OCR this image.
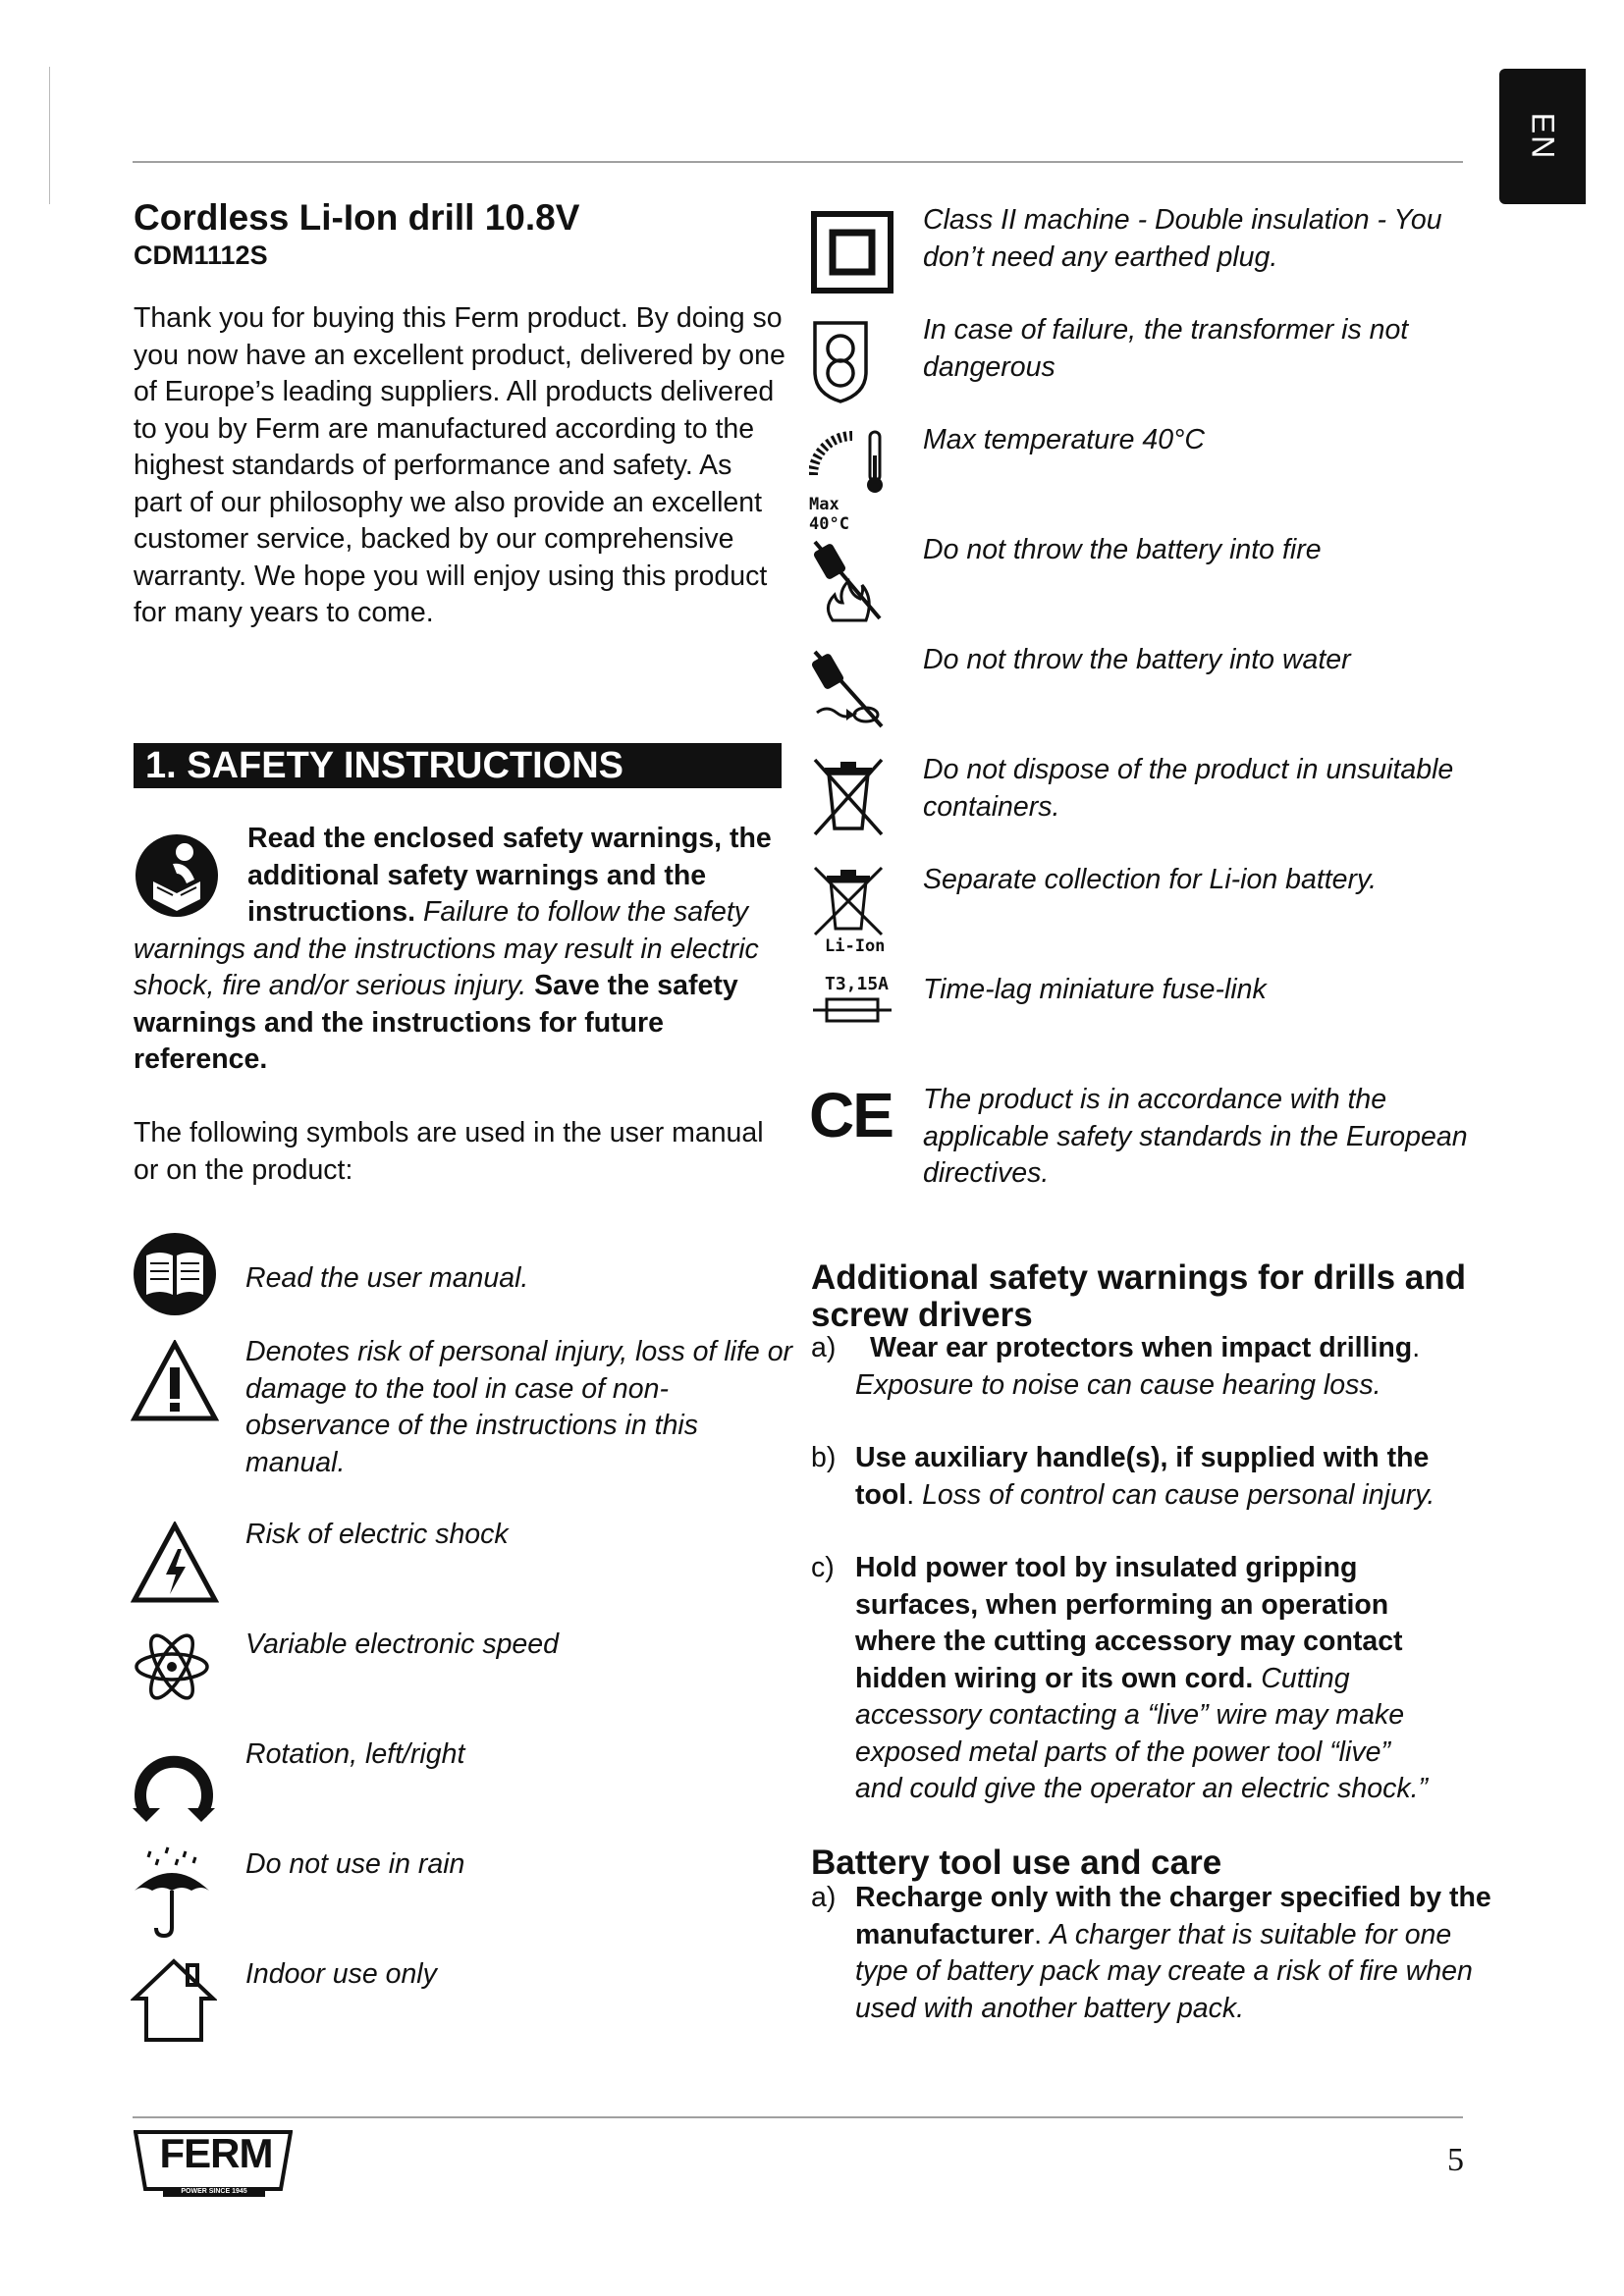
EN
Cordless Li-Ion drill 10.8V
CDM1112S
Thank you for buying this Ferm product. By doing so you now have an excellent product, delivered by one of Europe’s leading suppliers. All products delivered to you by Ferm are manufactured according to the highest standards of performance and safety. As part of our philosophy we also provide an excellent customer service, backed by our comprehensive warranty. We hope you will enjoy using this product for many years to come.
1. SAFETY INSTRUCTIONS
Read the enclosed safety warnings, the additional safety warnings and the instructions. Failure to follow the safety warnings and the instructions may result in electric shock, fire and/or serious injury. Save the safety warnings and the instructions for future reference.
The following symbols are used in the user manual or on the product:
Read the user manual.
Denotes risk of personal injury, loss of life or damage to the tool in case of non-observance of the instructions in this manual.
Risk of electric shock
Variable electronic speed
Rotation, left/right
Do not use in rain
Indoor use only
Class II machine - Double insulation - You don’t need any earthed plug.
In case of failure, the transformer is not dangerous
Max 40°C
Max temperature 40°C
Do not throw the battery into fire
Do not throw the battery into water
Do not dispose of the product in unsuitable containers.
Li-Ion
Separate collection for Li-ion battery.
T3,15A Time-lag miniature fuse-link
CE The product is in accordance with the applicable safety standards in the European directives.
Additional safety warnings for drills and screw drivers
a) Wear ear protectors when impact drilling.
Exposure to noise can cause hearing loss.
b) Use auxiliary handle(s), if supplied with the tool. Loss of control can cause personal injury.
c) Hold power tool by insulated gripping surfaces, when performing an operation where the cutting accessory may contact hidden wiring or its own cord. Cutting accessory contacting a “live” wire may make exposed metal parts of the power tool “live” and could give the operator an electric shock.”
Battery tool use and care
a) Recharge only with the charger specified by the manufacturer. A charger that is suitable for one type of battery pack may create a risk of fire when used with another battery pack.
FERM
POWER SINCE 1945
5
